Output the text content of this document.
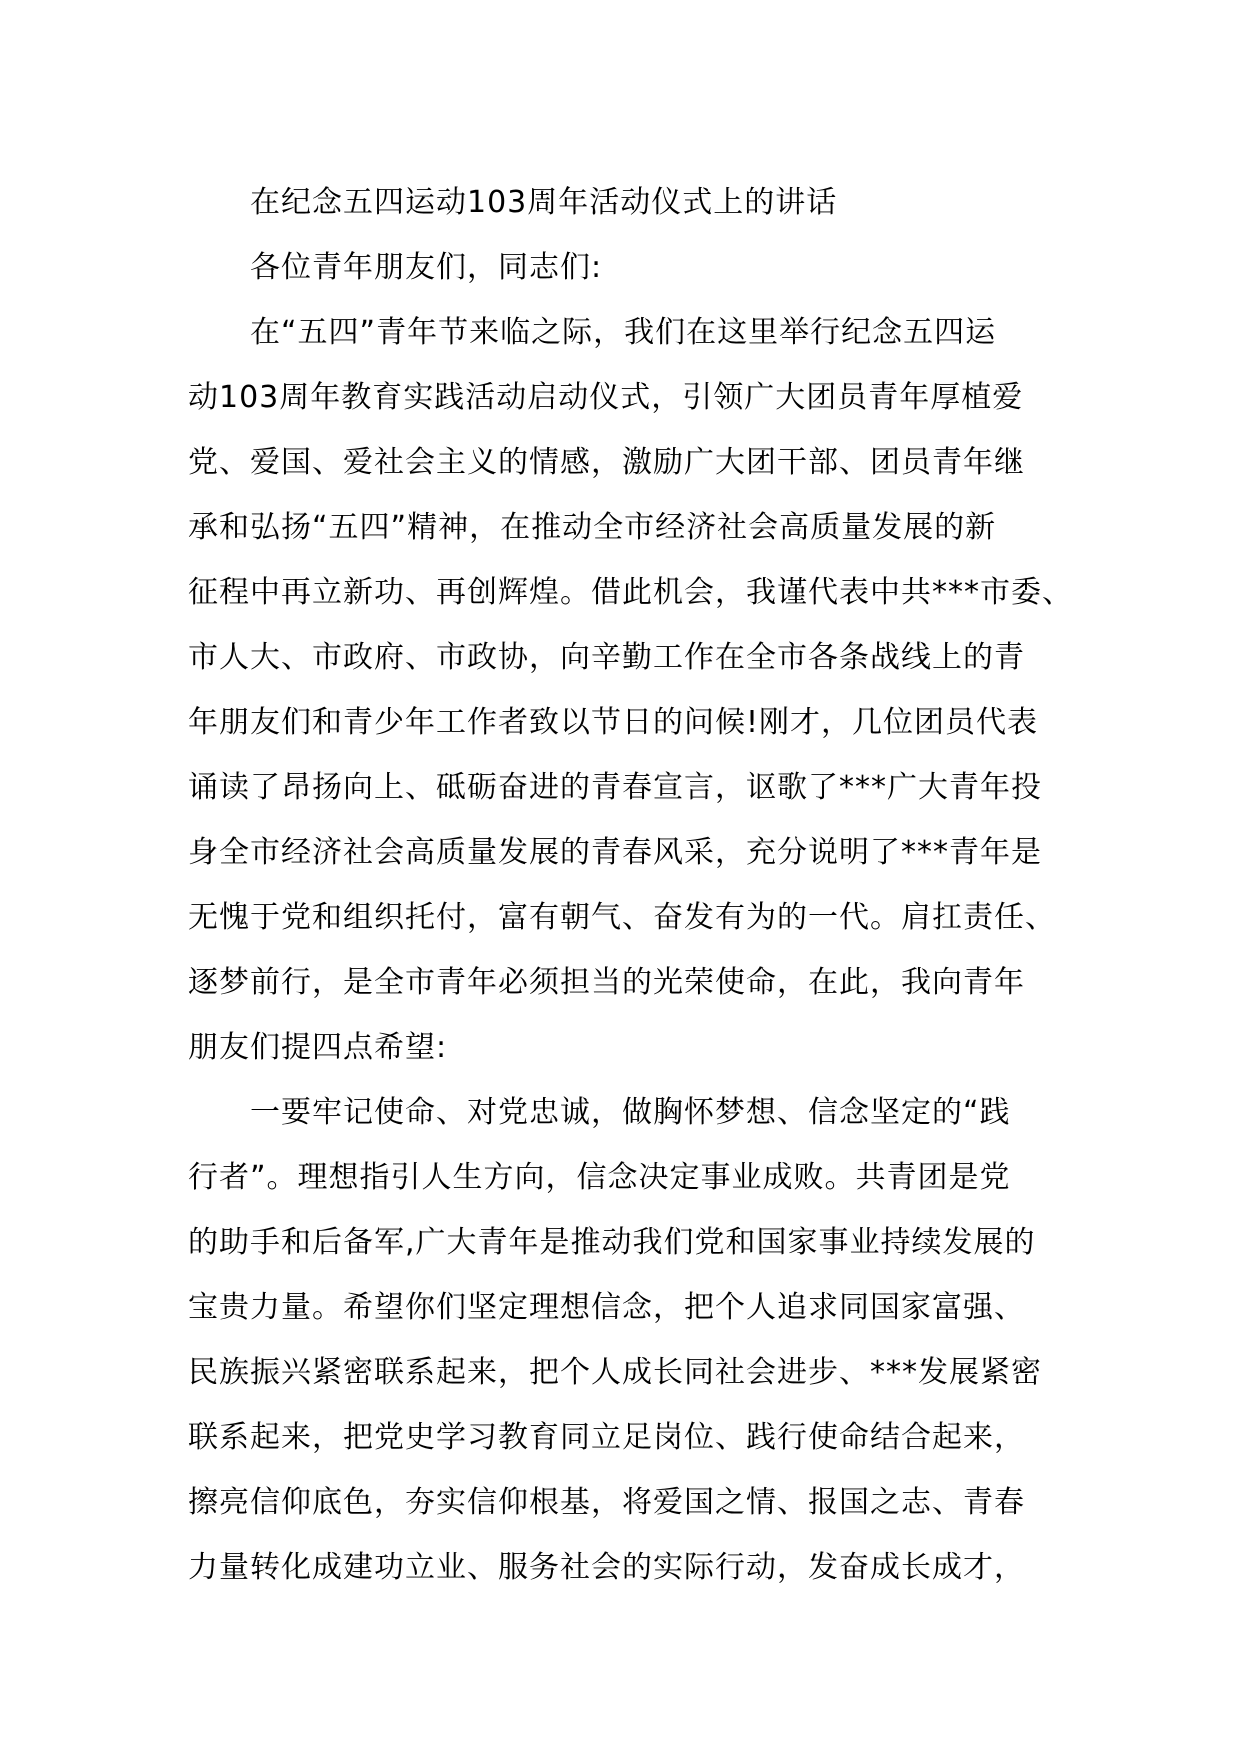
在纪念五四运动103周年活动仪式上的讲话
各位青年朋友们，同志们:
在“五四”青年节来临之际，我们在这里举行纪念五四运
动103周年教育实践活动启动仪式，引领广大团员青年厚植爱
党、爱国、爱社会主义的情感，激励广大团干部、团员青年继
承和弘扬“五四”精神，在推动全市经济社会高质量发展的新
征程中再立新功、再创辉煌。借此机会，我谨代表中共***市委、
市人大、市政府、市政协，向辛勤工作在全市各条战线上的青
年朋友们和青少年工作者致以节日的问候!刚才，几位团员代表
诵读了昂扬向上、砥砺奋进的青春宣言，讴歌了***广大青年投
身全市经济社会高质量发展的青春风采，充分说明了***青年是
无愧于党和组织托付，富有朝气、奋发有为的一代。肩扛责任、
逐梦前行，是全市青年必须担当的光荣使命，在此，我向青年
朋友们提四点希望:
一要牢记使命、对党忠诚，做胸怀梦想、信念坚定的“践
行者”。理想指引人生方向，信念决定事业成败。共青团是党
的助手和后备军,广大青年是推动我们党和国家事业持续发展的
宝贵力量。希望你们坚定理想信念，把个人追求同国家富强、
民族振兴紧密联系起来，把个人成长同社会进步、***发展紧密
联系起来，把党史学习教育同立足岗位、践行使命结合起来，
擦亮信仰底色，夯实信仰根基，将爱国之情、报国之志、青春
力量转化成建功立业、服务社会的实际行动，发奋成长成才，
